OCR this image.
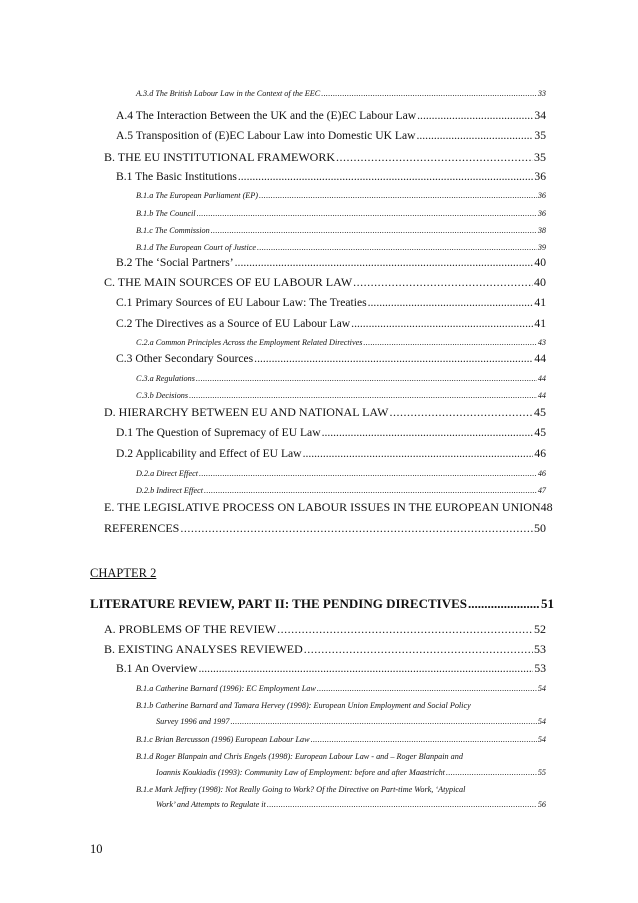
A.3.d The British Labour Law in the Context of the EEC .....	33
A.4 The Interaction Between the UK and the (E)EC Labour Law .....	34
A.5 Transposition of (E)EC Labour Law into Domestic UK Law .....	35
B. THE EU INSTITUTIONAL FRAMEWORK .....	35
B.1 The Basic Institutions .....	36
B.1.a The European Parliament (EP) .....	36
B.1.b The Council .....	36
B.1.c The Commission .....	38
B.1.d The European Court of Justice .....	39
B.2 The ‘Social Partners’ .....	40
C. THE MAIN SOURCES OF EU LABOUR LAW .....	40
C.1 Primary Sources of EU Labour Law: The Treaties .....	41
C.2 The Directives as a Source of EU Labour Law .....	41
C.2.a Common Principles Across the Employment Related Directives .....	43
C.3 Other Secondary Sources .....	44
C.3.a Regulations .....	44
C.3.b Decisions .....	44
D. HIERARCHY BETWEEN EU AND NATIONAL LAW .....	45
D.1 The Question of Supremacy of EU Law .....	45
D.2 Applicability and Effect of EU Law .....	46
D.2.a Direct Effect .....	46
D.2.b Indirect Effect .....	47
E. THE LEGISLATIVE PROCESS ON LABOUR ISSUES IN THE EUROPEAN UNION 48
REFERENCES .....	50
CHAPTER 2
LITERATURE REVIEW, PART II: THE PENDING DIRECTIVES .....	51
A. PROBLEMS OF THE REVIEW .....	52
B. EXISTING ANALYSES REVIEWED .....	53
B.1 An Overview .....	53
B.1.a Catherine Barnard (1996): EC Employment Law .....	54
B.1.b Catherine Barnard and Tamara Hervey (1998): European Union Employment and Social Policy
Survey 1996 and 1997 .....	54
B.1.c Brian Bercusson (1996) European Labour Law .....	54
B.1.d Roger Blanpain and Chris Engels (1998): European Labour Law - and – Roger Blanpain and
Ioannis Koukiadis (1993): Community Law of Employment: before and after Maastricht .....	55
B.1.e Mark Jeffrey (1998): Not Really Going to Work? Of the Directive on Part-time Work, ‘Atypical
Work’ and Attempts to Regulate it .....	56
10
